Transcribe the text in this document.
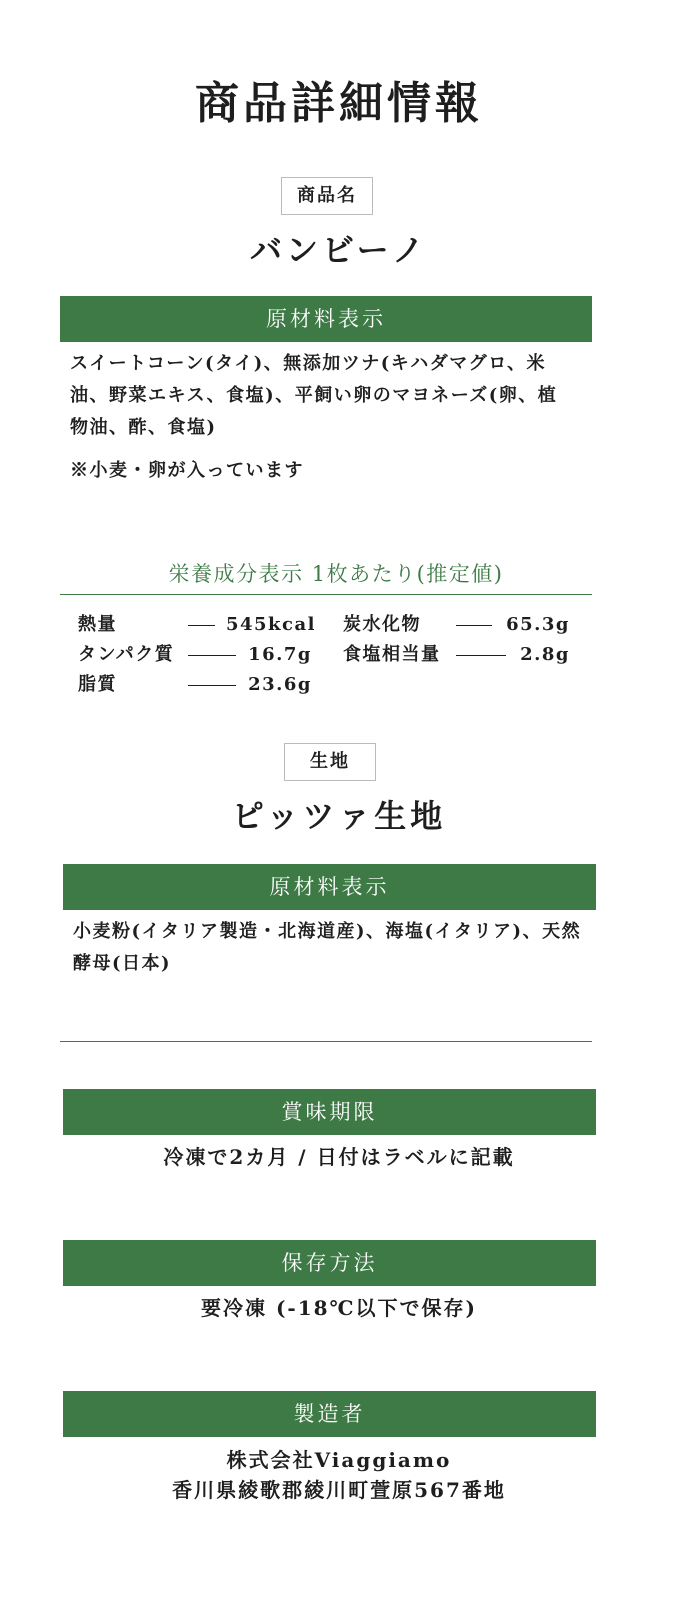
商品詳細情報
商品名
バンビーノ
原材料表示
スイートコーン(タイ)、無添加ツナ(キハダマグロ、米
油、野菜エキス、食塩)、平飼い卵のマヨネーズ(卵、植
物油、酢、食塩)
※小麦・卵が入っています
栄養成分表示 1枚あたり(推定値)
熱量	545kcal 炭水化物	65.3g
タンパク質	16.7g 食塩相当量	2.8g
脂質	23.6g
生地
ピッツァ生地
原材料表示
小麦粉(イタリア製造・北海道産)、海塩(イタリア)、天然
酵母(日本)
賞味期限
冷凍で2カ月 / 日付はラベルに記載
保存方法
要冷凍 (-18℃以下で保存)
製造者
株式会社Viaggiamo
香川県綾歌郡綾川町萱原567番地
